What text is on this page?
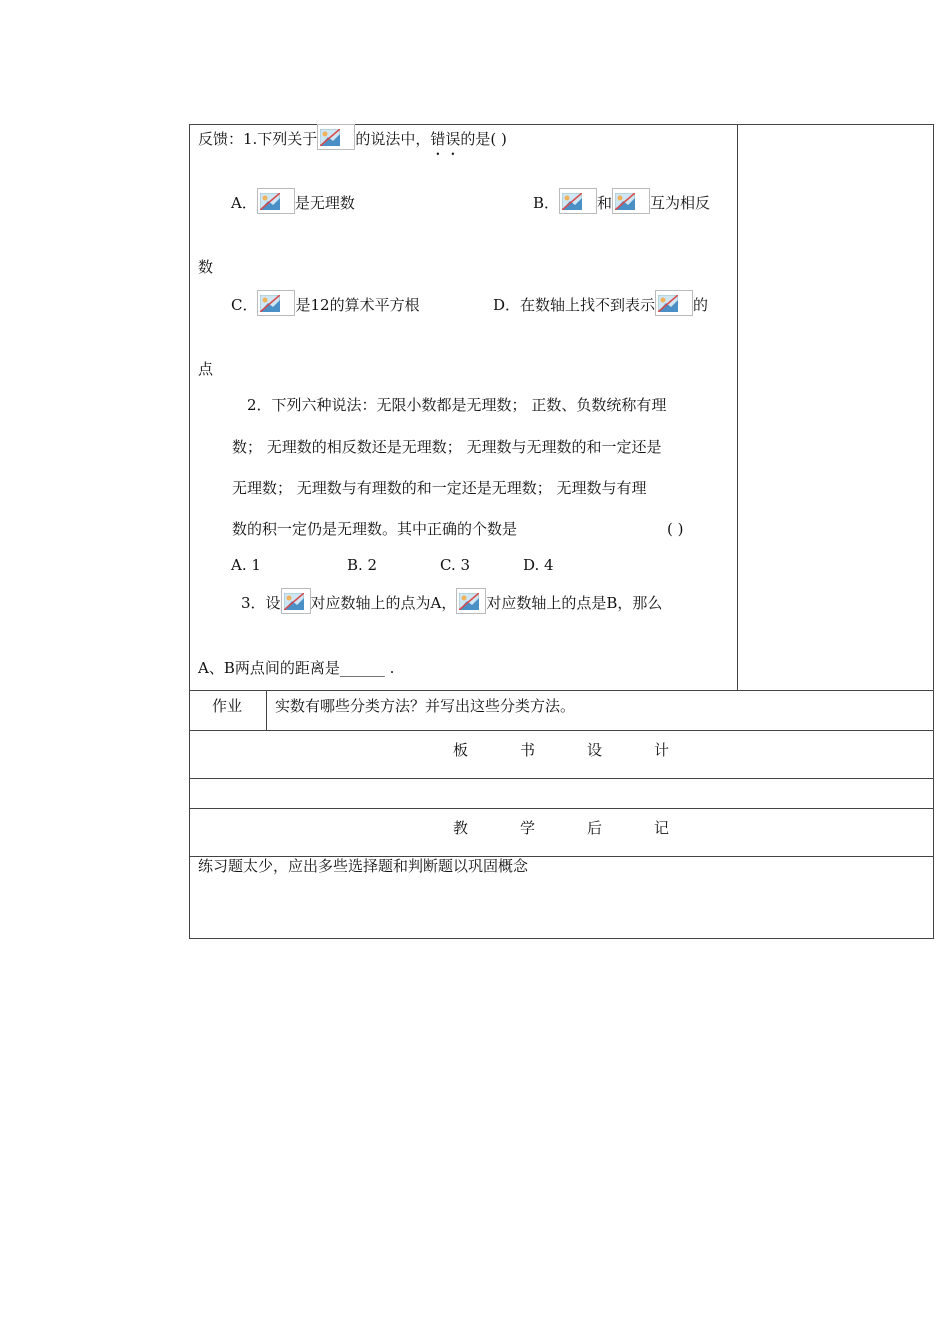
反馈：1.下列关于	的说法中，错误的是( )
A．	是无理数	B．	和	互为相反
数
C．	是12的算术平方根	D．在数轴上找不到表示	的
点
2．下列六种说法：无限小数都是无理数； 正数、负数统称有理
数； 无理数的相反数还是无理数； 无理数与无理数的和一定还是
无理数； 无理数与有理数的和一定还是无理数； 无理数与有理
数的积一定仍是无理数。其中正确的个数是	( )
A. 1	B. 2	C. 3	D. 4
3．设 对应数轴上的点为A， 对应数轴上的点是B，那么
A、B两点间的距离是______ .
作业 实数有哪些分类方法？并写出这些分类方法。
板	书	设	计
教	学	后	记
练习题太少，应出多些选择题和判断题以巩固概念
